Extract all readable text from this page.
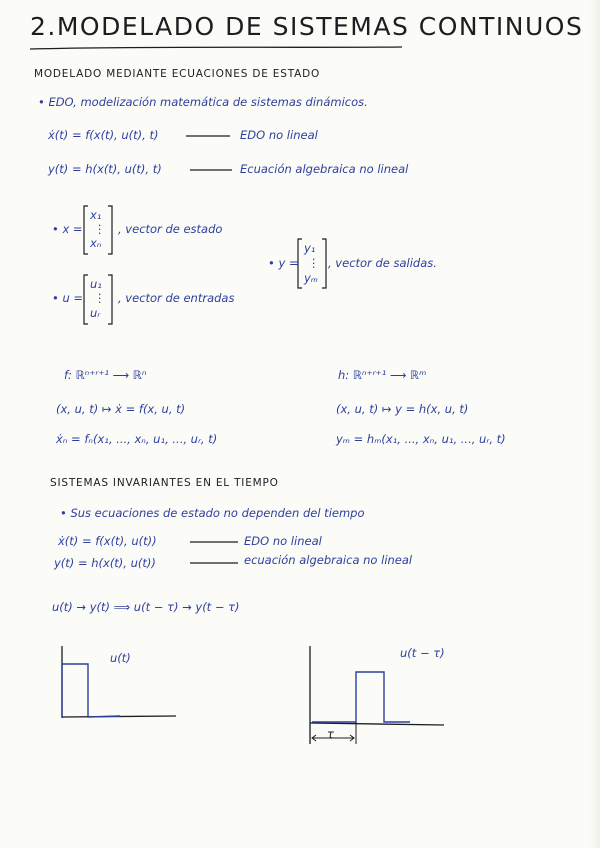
2.MODELADO DE SISTEMAS CONTINUOS
MODELADO MEDIANTE ECUACIONES DE ESTADO
• EDO, modelización matemática de sistemas dinámicos.
ẋ(t) = f(x(t), u(t), t)	EDO no lineal
y(t) = h(x(t), u(t), t)	Ecuación algebraica no lineal
• x =
x₁
⋮
xₙ
, vector de estado
• y =
y₁
⋮
yₘ
, vector de salidas.
• u =
u₁
⋮
uᵣ
, vector de entradas
f: ℝⁿ⁺ʳ⁺¹ ⟶ ℝⁿ	h: ℝⁿ⁺ʳ⁺¹ ⟶ ℝᵐ
(x, u, t) ↦ ẋ = f(x, u, t)	(x, u, t) ↦ y = h(x, u, t)
ẋₙ = fₙ(x₁, ..., xₙ, u₁, ..., uᵣ, t)	yₘ = hₘ(x₁, ..., xₙ, u₁, ..., uᵣ, t)
SISTEMAS INVARIANTES EN EL TIEMPO
• Sus ecuaciones de estado no dependen del tiempo
ẋ(t) = f(x(t), u(t))	EDO no lineal
y(t) = h(x(t), u(t))	ecuación algebraica no lineal
u(t) → y(t) ⟹ u(t − τ) → y(t − τ)
u(t)	u(t − τ)
τ
